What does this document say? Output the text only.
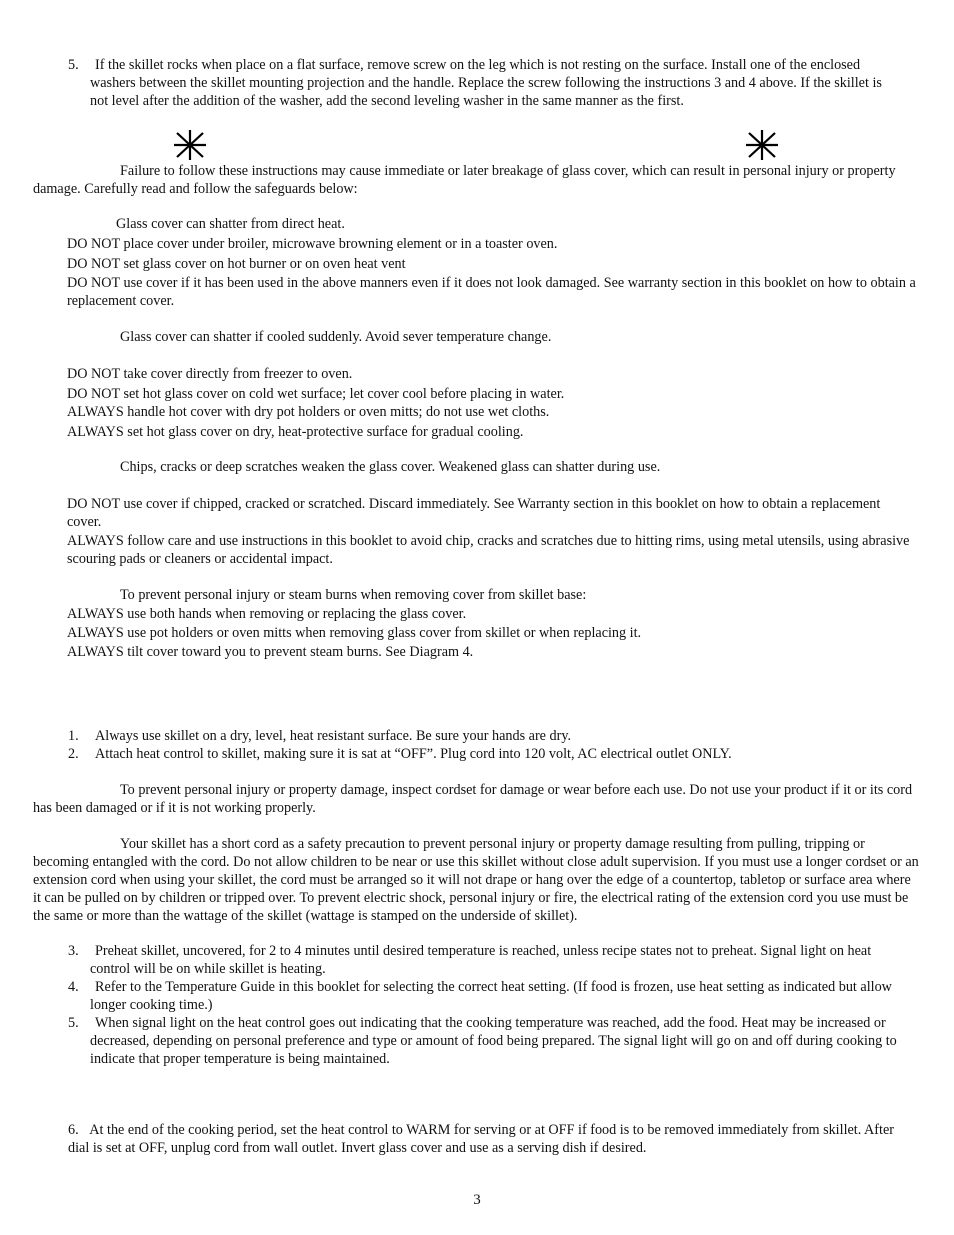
5.	If the skillet rocks when place on a flat surface, remove screw on the leg which is not resting on the surface. Install one of the enclosed washers between the skillet mounting projection and the handle. Replace the screw following the instructions 3 and 4 above. If the skillet is not level after the addition of the washer, add the second leveling washer in the same manner as the first.

Failure to follow these instructions may cause immediate or later breakage of glass cover, which can result in personal injury or property damage. Carefully read and follow the safeguards below:

Glass cover can shatter from direct heat.

DO NOT place cover under broiler, microwave browning element or in a toaster oven.

DO NOT set glass cover on hot burner or on oven heat vent

DO NOT use cover if it has been used in the above manners even if it does not look damaged. See warranty section in this booklet on how to obtain a replacement cover.

Glass cover can shatter if cooled suddenly. Avoid sever temperature change.

DO NOT take cover directly from freezer to oven.

DO NOT set hot glass cover on cold wet surface; let cover cool before placing in water.

ALWAYS handle hot cover with dry pot holders or oven mitts; do not use wet cloths.

ALWAYS set hot glass cover on dry, heat-protective surface for gradual cooling.

Chips, cracks or deep scratches weaken the glass cover. Weakened glass can shatter during use.

DO NOT use cover if chipped, cracked or scratched. Discard immediately. See Warranty section in this booklet on how to obtain a replacement cover.

ALWAYS follow care and use instructions in this booklet to avoid chip, cracks and scratches due to hitting rims, using metal utensils, using abrasive scouring pads or cleaners or accidental impact.

To prevent personal injury or steam burns when removing cover from skillet base:

ALWAYS use both hands when removing or replacing the glass cover.

ALWAYS use pot holders or oven mitts when removing glass cover from skillet or when replacing it.

ALWAYS tilt cover toward you to prevent steam burns. See Diagram 4.

1.	Always use skillet on a dry, level, heat resistant surface. Be sure your hands are dry.

2.	Attach heat control to skillet, making sure it is sat at “OFF”. Plug cord into 120 volt, AC electrical outlet ONLY.

To prevent personal injury or property damage, inspect cordset for damage or wear before each use. Do not use your product if it or its cord has been damaged or if it is not working properly.

Your skillet has a short cord as a safety precaution to prevent personal injury or property damage resulting from pulling, tripping or becoming entangled with the cord. Do not allow children to be near or use this skillet without close adult supervision. If you must use a longer cordset or an extension cord when using your skillet, the cord must be arranged so it will not drape or hang over the edge of a countertop, tabletop or surface area where it can be pulled on by children or tripped over. To prevent electric shock, personal injury or fire, the electrical rating of the extension cord you use must be the same or more than the wattage of the skillet (wattage is stamped on the underside of skillet).

3.	Preheat skillet, uncovered, for 2 to 4 minutes until desired temperature is reached, unless recipe states not to preheat. Signal light on heat control will be on while skillet is heating.

4.	Refer to the Temperature Guide in this booklet for selecting the correct heat setting. (If food is frozen, use heat setting as indicated but allow longer cooking time.)

5.	When signal light on the heat control goes out indicating that the cooking temperature was reached, add the food. Heat may be increased or decreased, depending on personal preference and type or amount of food being prepared. The signal light will go on and off during cooking to indicate that proper temperature is being maintained.

6. At the end of the cooking period, set the heat control to WARM for serving or at OFF if food is to be removed immediately from skillet. After dial is set at OFF, unplug cord from wall outlet. Invert glass cover and use as a serving dish if desired.

3
